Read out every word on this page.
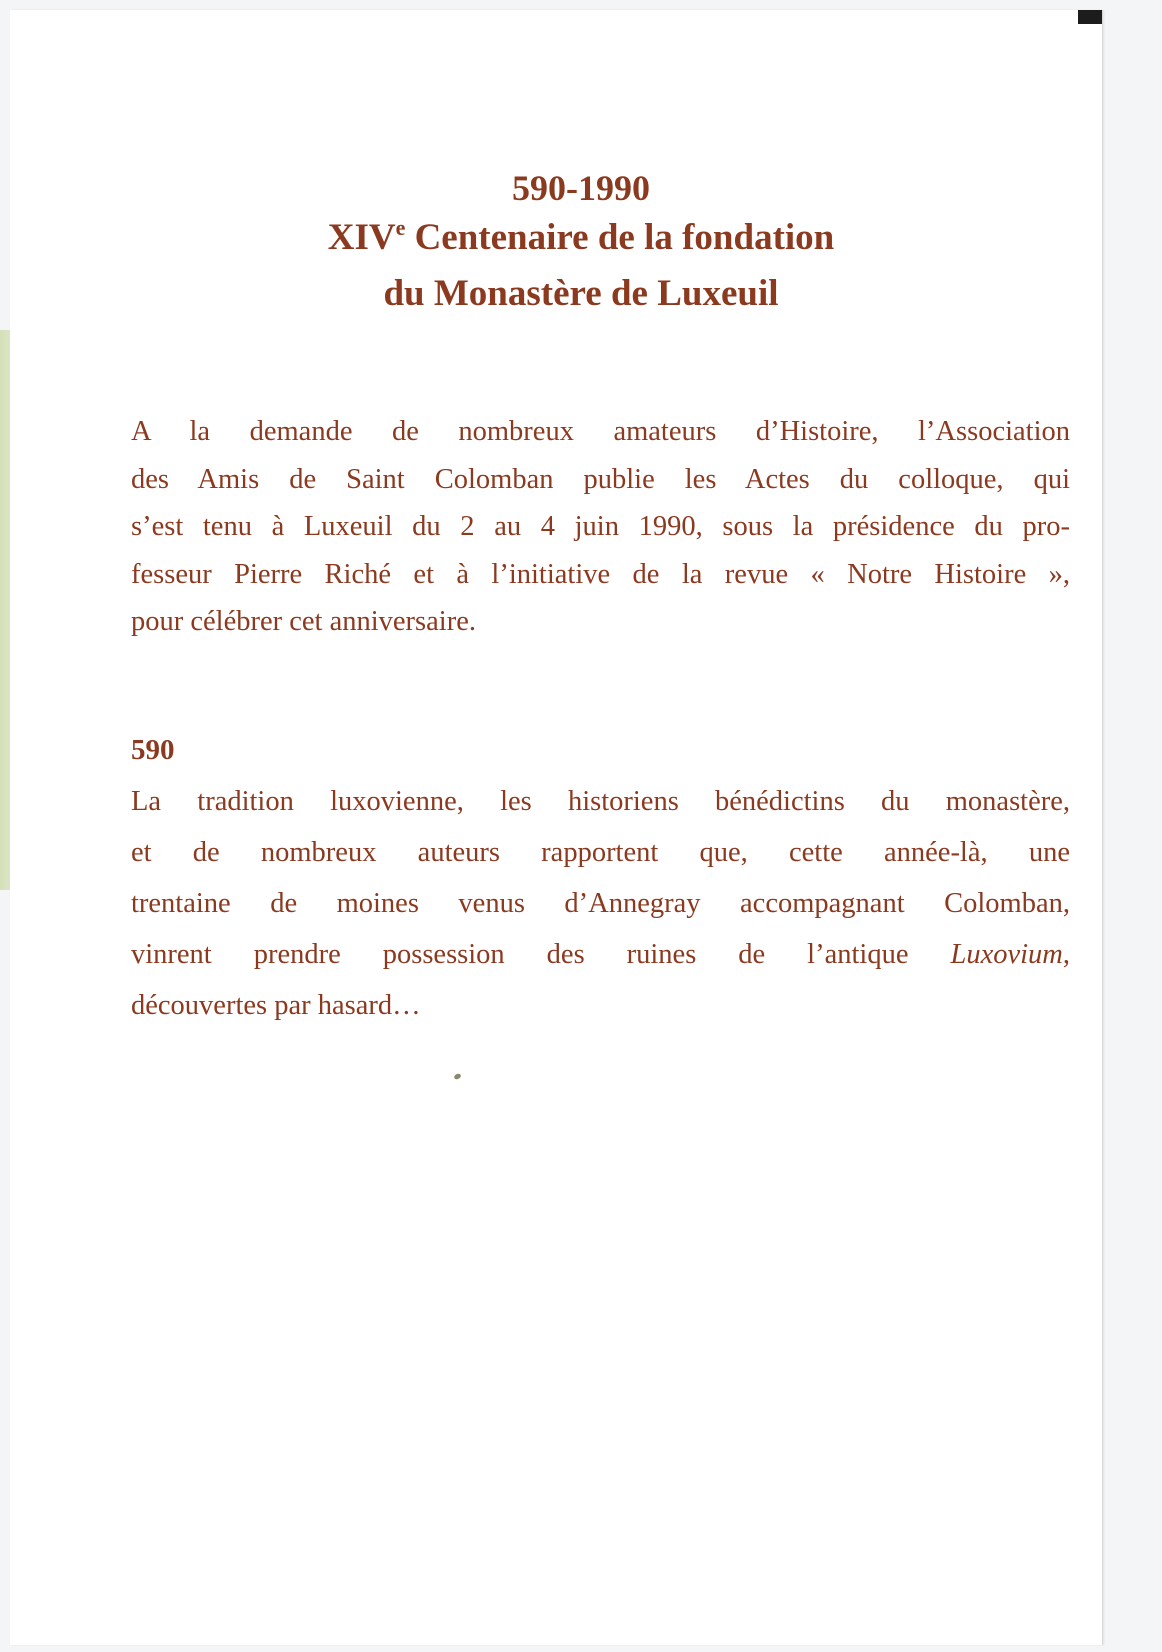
590-1990
XIVe Centenaire de la fondation
du Monastère de Luxeuil
A la demande de nombreux amateurs d’Histoire, l’Association
des Amis de Saint Colomban publie les Actes du colloque, qui
s’est tenu à Luxeuil du 2 au 4 juin 1990, sous la présidence du pro-
fesseur Pierre Riché et à l’initiative de la revue « Notre Histoire »,
pour célébrer cet anniversaire.
590
La tradition luxovienne, les historiens bénédictins du monastère,
et de nombreux auteurs rapportent que, cette année-là, une
trentaine de moines venus d’Annegray accompagnant Colomban,
vinrent prendre possession des ruines de l’antique Luxovium,
découvertes par hasard…
